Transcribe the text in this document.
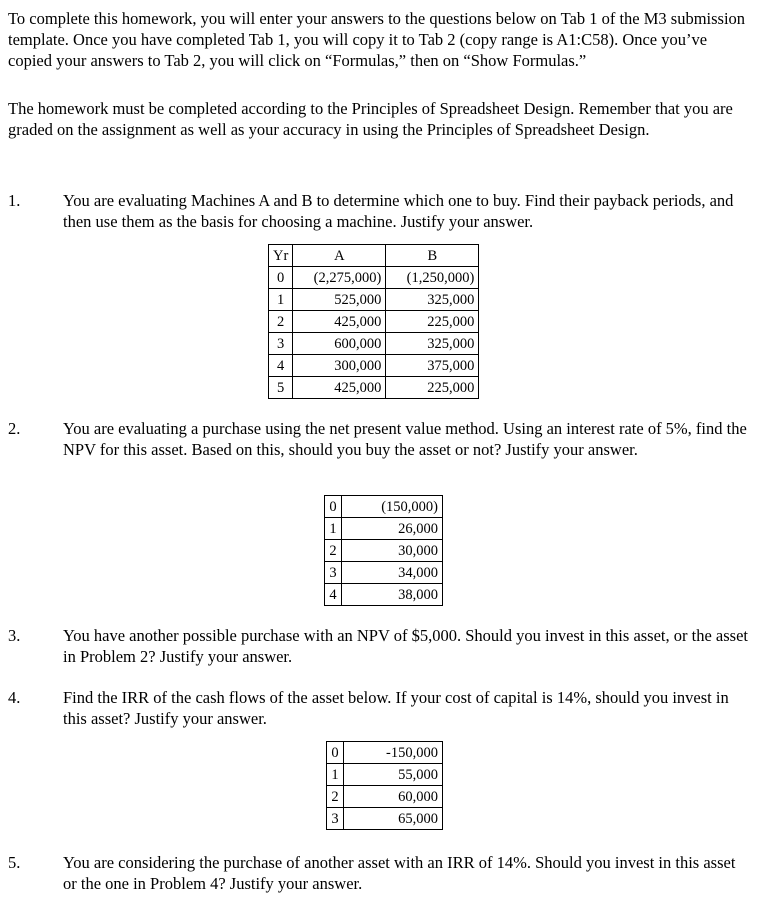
To complete this homework, you will enter your answers to the questions below on Tab 1 of the M3 submission template. Once you have completed Tab 1, you will copy it to Tab 2 (copy range is A1:C58). Once you’ve copied your answers to Tab 2, you will click on “Formulas,” then on “Show Formulas.”
The homework must be completed according to the Principles of Spreadsheet Design. Remember that you are graded on the assignment as well as your accuracy in using the Principles of Spreadsheet Design.
1.	You are evaluating Machines A and B to determine which one to buy. Find their payback periods, and then use them as the basis for choosing a machine. Justify your answer.
Yr	A	B
0	(2,275,000)	(1,250,000)
1	525,000	325,000
2	425,000	225,000
3	600,000	325,000
4	300,000	375,000
5	425,000	225,000
2.	You are evaluating a purchase using the net present value method. Using an interest rate of 5%, find the NPV for this asset. Based on this, should you buy the asset or not? Justify your answer.
0	(150,000)
1	26,000
2	30,000
3	34,000
4	38,000
3.	You have another possible purchase with an NPV of $5,000. Should you invest in this asset, or the asset in Problem 2? Justify your answer.
4.	Find the IRR of the cash flows of the asset below. If your cost of capital is 14%, should you invest in this asset? Justify your answer.
0	-150,000
1	55,000
2	60,000
3	65,000
5.	You are considering the purchase of another asset with an IRR of 14%. Should you invest in this asset or the one in Problem 4? Justify your answer.
